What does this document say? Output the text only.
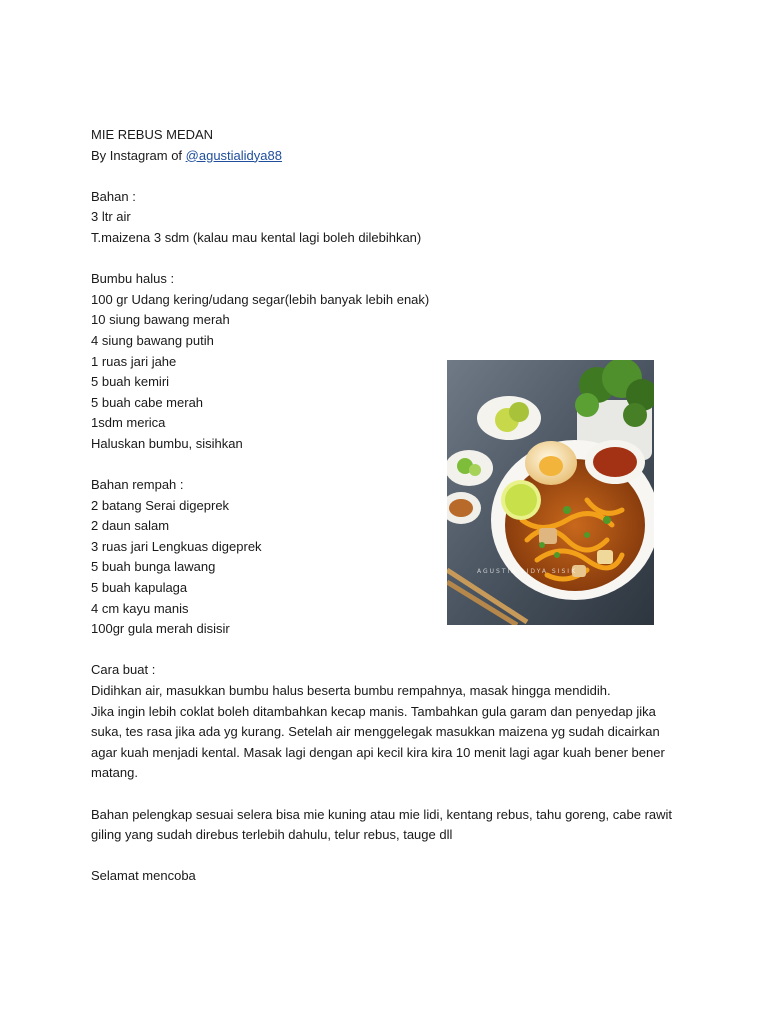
MIE REBUS MEDAN
By Instagram of @agustialidya88
Bahan :
3 ltr air
T.maizena 3 sdm (kalau mau kental lagi boleh dilebihkan)
Bumbu halus :
100 gr Udang kering/udang segar(lebih banyak lebih enak)
10 siung bawang merah
4 siung bawang putih
1 ruas jari jahe
5 buah kemiri
5 buah cabe merah
1sdm merica
Haluskan bumbu, sisihkan
Bahan rempah :
2 batang Serai digeprek
2 daun salam
3 ruas jari Lengkuas digeprek
5 buah bunga lawang
5 buah kapulaga
4 cm kayu manis
100gr gula merah disisir
Cara buat :
Didihkan air, masukkan bumbu halus beserta bumbu rempahnya, masak hingga mendidih.
Jika ingin lebih coklat boleh ditambahkan kecap manis. Tambahkan gula garam dan penyedap jika
suka, tes rasa jika ada yg kurang. Setelah air menggelegak masukkan maizena yg sudah dicairkan
agar kuah menjadi kental. Masak lagi dengan api kecil kira kira 10 menit lagi agar kuah bener bener
matang.
Bahan pelengkap sesuai selera bisa mie kuning atau mie lidi, kentang rebus, tahu goreng, cabe rawit
giling yang sudah direbus terlebih dahulu, telur rebus, tauge dll
Selamat mencoba
AGUSTIA LIDYA SISIK
